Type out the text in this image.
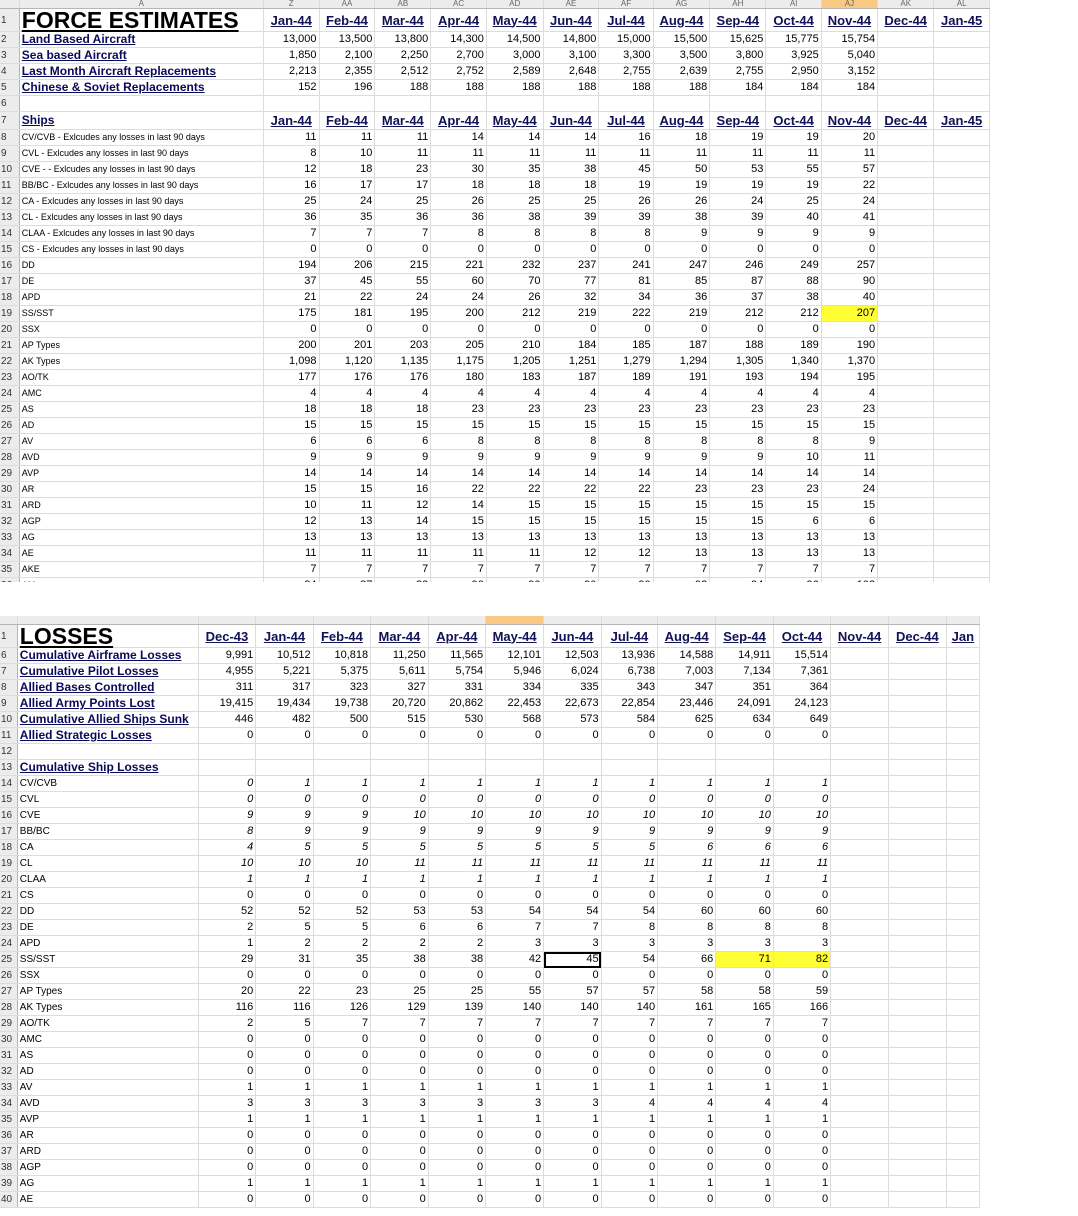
	A	Z	AA	AB	AC	AD	AE	AF	AG	AH	AI	AJ	AK	AL
1	FORCE ESTIMATES	Jan-44	Feb-44	Mar-44	Apr-44	May-44	Jun-44	Jul-44	Aug-44	Sep-44	Oct-44	Nov-44	Dec-44	Jan-45
2	Land Based Aircraft	13,000	13,500	13,800	14,300	14,500	14,800	15,000	15,500	15,625	15,775	15,754		
3	Sea based Aircraft	1,850	2,100	2,250	2,700	3,000	3,100	3,300	3,500	3,800	3,925	5,040		
4	Last Month Aircraft Replacements	2,213	2,355	2,512	2,752	2,589	2,648	2,755	2,639	2,755	2,950	3,152		
5	Chinese & Soviet Replacements	152	196	188	188	188	188	188	188	184	184	184		
6														
7	Ships	Jan-44	Feb-44	Mar-44	Apr-44	May-44	Jun-44	Jul-44	Aug-44	Sep-44	Oct-44	Nov-44	Dec-44	Jan-45
8	CV/CVB - Exlcudes any losses in last 90 days	11	11	11	14	14	14	16	18	19	19	20		
9	CVL - Exlcudes any losses in last 90 days	8	10	11	11	11	11	11	11	11	11	11		
10	CVE - - Exlcudes any losses in last 90 days	12	18	23	30	35	38	45	50	53	55	57		
11	BB/BC - Exlcudes any losses in last 90 days	16	17	17	18	18	18	19	19	19	19	22		
12	CA - Exlcudes any losses in last 90 days	25	24	25	26	25	25	26	26	24	25	24		
13	CL - Exlcudes any losses in last 90 days	36	35	36	36	38	39	39	38	39	40	41		
14	CLAA - Exlcudes any losses in last 90 days	7	7	7	8	8	8	8	9	9	9	9		
15	CS - Exlcudes any losses in last 90 days	0	0	0	0	0	0	0	0	0	0	0		
16	DD	194	206	215	221	232	237	241	247	246	249	257		
17	DE	37	45	55	60	70	77	81	85	87	88	90		
18	APD	21	22	24	24	26	32	34	36	37	38	40		
19	SS/SST	175	181	195	200	212	219	222	219	212	212	207		
20	SSX	0	0	0	0	0	0	0	0	0	0	0		
21	AP Types	200	201	203	205	210	184	185	187	188	189	190		
22	AK Types	1,098	1,120	1,135	1,175	1,205	1,251	1,279	1,294	1,305	1,340	1,370		
23	AO/TK	177	176	176	180	183	187	189	191	193	194	195		
24	AMC	4	4	4	4	4	4	4	4	4	4	4		
25	AS	18	18	18	23	23	23	23	23	23	23	23		
26	AD	15	15	15	15	15	15	15	15	15	15	15		
27	AV	6	6	6	8	8	8	8	8	8	8	9		
28	AVD	9	9	9	9	9	9	9	9	9	10	11		
29	AVP	14	14	14	14	14	14	14	14	14	14	14		
30	AR	15	15	16	22	22	22	22	23	23	23	24		
31	ARD	10	11	12	14	15	15	15	15	15	15	15		
32	AGP	12	13	14	15	15	15	15	15	15	6	6		
33	AG	13	13	13	13	13	13	13	13	13	13	13		
34	AE	11	11	11	11	11	12	12	13	13	13	13		
35	AKE	7	7	7	7	7	7	7	7	7	7	7		

1	LOSSES	Dec-43	Jan-44	Feb-44	Mar-44	Apr-44	May-44	Jun-44	Jul-44	Aug-44	Sep-44	Oct-44	Nov-44	Dec-44	Jan
6	Cumulative Airframe Losses	9,991	10,512	10,818	11,250	11,565	12,101	12,503	13,936	14,588	14,911	15,514			
7	Cumulative Pilot Losses	4,955	5,221	5,375	5,611	5,754	5,946	6,024	6,738	7,003	7,134	7,361			
8	Allied Bases Controlled	311	317	323	327	331	334	335	343	347	351	364			
9	Allied Army Points Lost	19,415	19,434	19,738	20,720	20,862	22,453	22,673	22,854	23,446	24,091	24,123			
10	Cumulative Allied Ships Sunk	446	482	500	515	530	568	573	584	625	634	649			
11	Allied Strategic Losses	0	0	0	0	0	0	0	0	0	0	0			
12															
13	Cumulative Ship Losses														
14	CV/CVB	0	1	1	1	1	1	1	1	1	1	1			
15	CVL	0	0	0	0	0	0	0	0	0	0	0			
16	CVE	9	9	9	10	10	10	10	10	10	10	10			
17	BB/BC	8	9	9	9	9	9	9	9	9	9	9			
18	CA	4	5	5	5	5	5	5	5	6	6	6			
19	CL	10	10	10	11	11	11	11	11	11	11	11			
20	CLAA	1	1	1	1	1	1	1	1	1	1	1			
21	CS	0	0	0	0	0	0	0	0	0	0	0			
22	DD	52	52	52	53	53	54	54	54	60	60	60			
23	DE	2	5	5	6	6	7	7	8	8	8	8			
24	APD	1	2	2	2	2	3	3	3	3	3	3			
25	SS/SST	29	31	35	38	38	42	45	54	66	71	82			
26	SSX	0	0	0	0	0	0	0	0	0	0	0			
27	AP Types	20	22	23	25	25	55	57	57	58	58	59			
28	AK Types	116	116	126	129	139	140	140	140	161	165	166			
29	AO/TK	2	5	7	7	7	7	7	7	7	7	7			
30	AMC	0	0	0	0	0	0	0	0	0	0	0			
31	AS	0	0	0	0	0	0	0	0	0	0	0			
32	AD	0	0	0	0	0	0	0	0	0	0	0			
33	AV	1	1	1	1	1	1	1	1	1	1	1			
34	AVD	3	3	3	3	3	3	3	4	4	4	4			
35	AVP	1	1	1	1	1	1	1	1	1	1	1			
36	AR	0	0	0	0	0	0	0	0	0	0	0			
37	ARD	0	0	0	0	0	0	0	0	0	0	0			
38	AGP	0	0	0	0	0	0	0	0	0	0	0			
39	AG	1	1	1	1	1	1	1	1	1	1	1			
40	AE	0	0	0	0	0	0	0	0	0	0	0			
